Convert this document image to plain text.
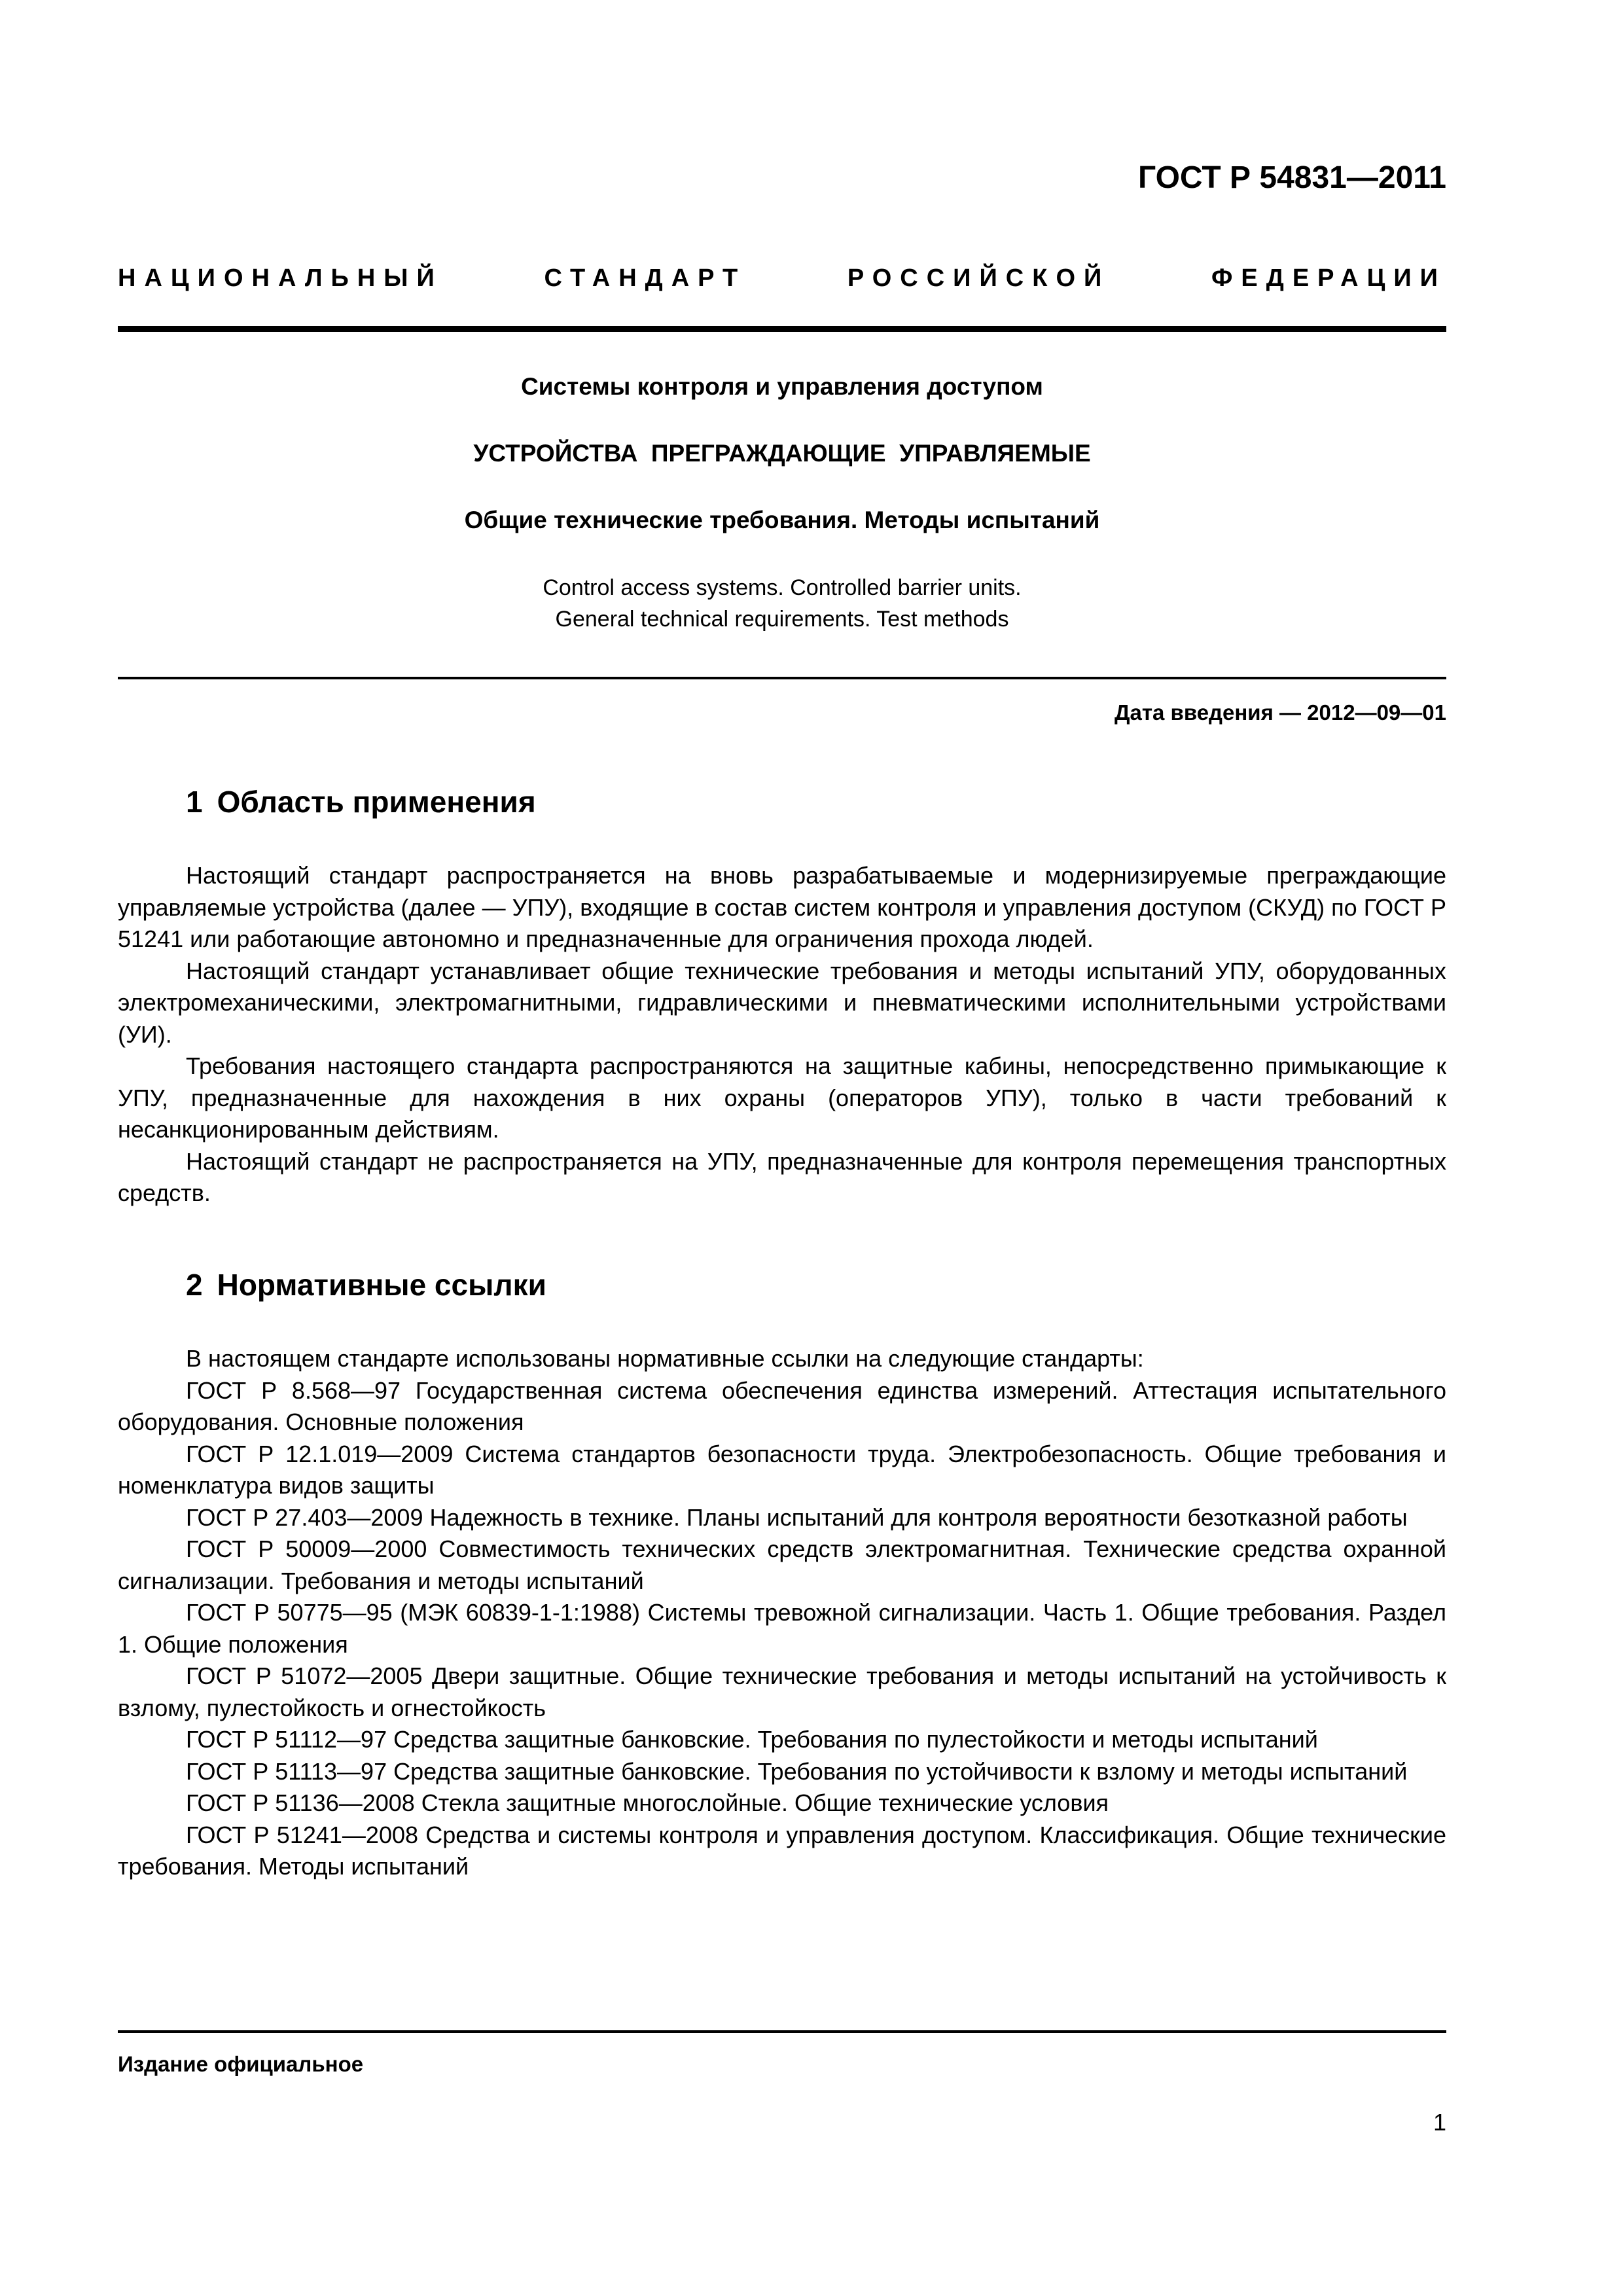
ГОСТ Р 54831—2011
НАЦИОНАЛЬНЫЙ	СТАНДАРТ	РОССИЙСКОЙ	ФЕДЕРАЦИИ
Системы контроля и управления доступом
УСТРОЙСТВА  ПРЕГРАЖДАЮЩИЕ  УПРАВЛЯЕМЫЕ
Общие технические требования. Методы испытаний
Control access systems. Controlled barrier units.
General technical requirements. Test methods
Дата введения — 2012—09—01
1 Область применения

Настоящий стандарт распространяется на вновь разрабатываемые и модернизируемые преграждающие управляемые устройства (далее — УПУ), входящие в состав систем контроля и управления доступом (СКУД) по ГОСТ Р 51241 или работающие автономно и предназначенные для ограничения прохода людей.

Настоящий стандарт устанавливает общие технические требования и методы испытаний УПУ, оборудованных электромеханическими, электромагнитными, гидравлическими и пневматическими исполнительными устройствами (УИ).

Требования настоящего стандарта распространяются на защитные кабины, непосредственно примыкающие к УПУ, предназначенные для нахождения в них охраны (операторов УПУ), только в части требований к несанкционированным действиям.

Настоящий стандарт не распространяется на УПУ, предназначенные для контроля перемещения транспортных средств.

2 Нормативные ссылки

В настоящем стандарте использованы нормативные ссылки на следующие стандарты:

ГОСТ Р 8.568—97 Государственная система обеспечения единства измерений. Аттестация испытательного оборудования. Основные положения

ГОСТ Р 12.1.019—2009 Система стандартов безопасности труда. Электробезопасность. Общие требования и номенклатура видов защиты

ГОСТ Р 27.403—2009 Надежность в технике. Планы испытаний для контроля вероятности безотказной работы

ГОСТ Р 50009—2000 Совместимость технических средств электромагнитная. Технические средства охранной сигнализации. Требования и методы испытаний

ГОСТ Р 50775—95 (МЭК 60839-1-1:1988) Системы тревожной сигнализации. Часть 1. Общие требования. Раздел 1. Общие положения

ГОСТ Р 51072—2005 Двери защитные. Общие технические требования и методы испытаний на устойчивость к взлому, пулестойкость и огнестойкость

ГОСТ Р 51112—97 Средства защитные банковские. Требования по пулестойкости и методы испытаний

ГОСТ Р 51113—97 Средства защитные банковские. Требования по устойчивости к взлому и методы испытаний

ГОСТ Р 51136—2008 Стекла защитные многослойные. Общие технические условия

ГОСТ Р 51241—2008 Средства и системы контроля и управления доступом. Классификация. Общие технические требования. Методы испытаний

Издание официальное
1
